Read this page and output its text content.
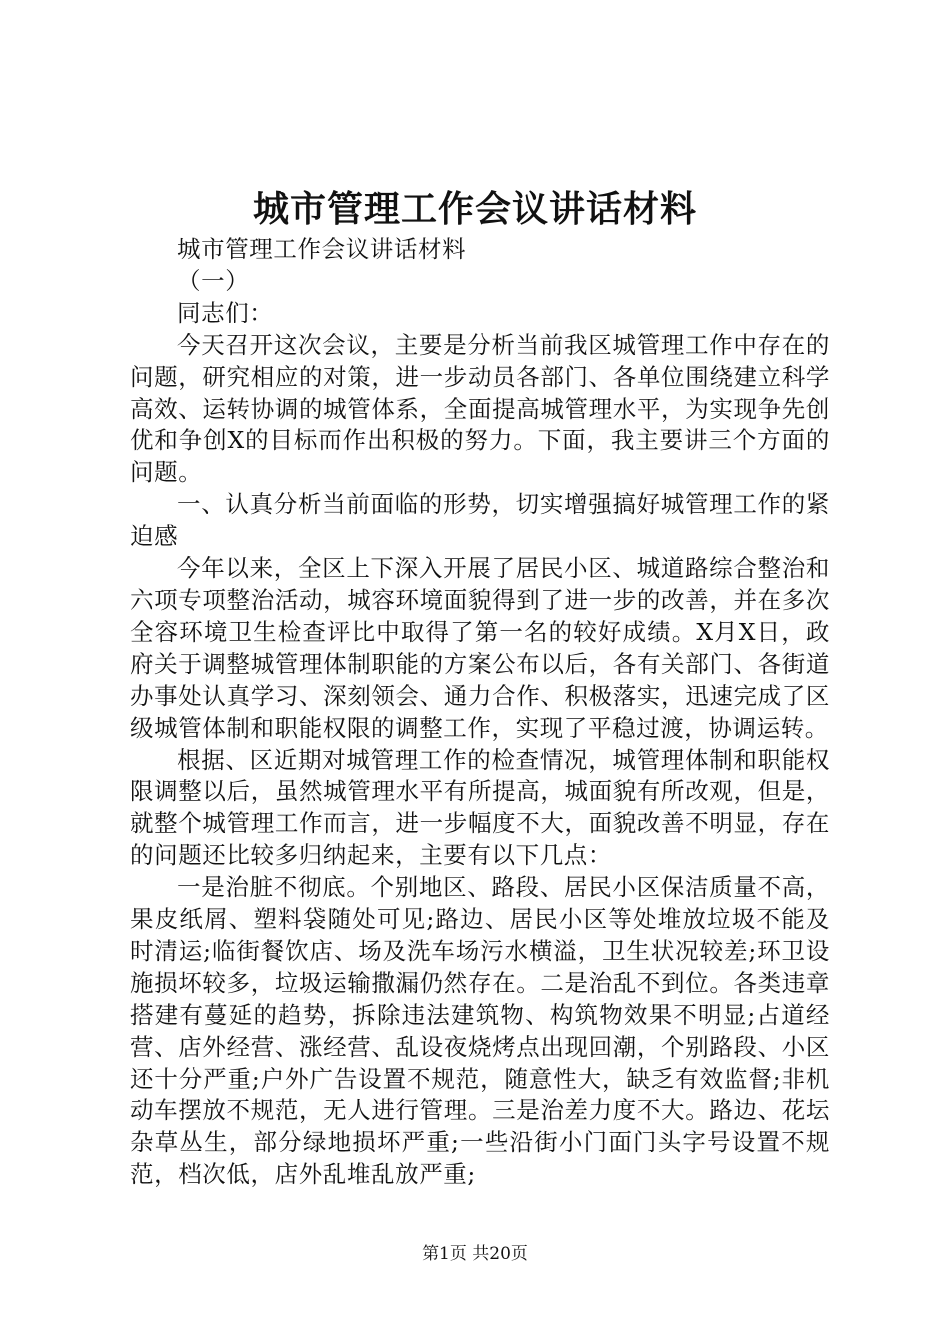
城市管理工作会议讲话材料

城市管理工作会议讲话材料

（一）

同志们：

今天召开这次会议，主要是分析当前我区城管理工作中存在的问题，研究相应的对策，进一步动员各部门、各单位围绕建立科学高效、运转协调的城管体系，全面提高城管理水平，为实现争先创优和争创X的目标而作出积极的努力。下面，我主要讲三个方面的问题。

一、认真分析当前面临的形势，切实增强搞好城管理工作的紧迫感

今年以来，全区上下深入开展了居民小区、城道路综合整治和六项专项整治活动，城容环境面貌得到了进一步的改善，并在多次全容环境卫生检查评比中取得了第一名的较好成绩。X月X日，政府关于调整城管理体制职能的方案公布以后，各有关部门、各街道办事处认真学习、深刻领会、通力合作、积极落实，迅速完成了区级城管体制和职能权限的调整工作，实现了平稳过渡，协调运转。

根据、区近期对城管理工作的检查情况，城管理体制和职能权限调整以后，虽然城管理水平有所提高，城面貌有所改观，但是，就整个城管理工作而言，进一步幅度不大，面貌改善不明显，存在的问题还比较多归纳起来，主要有以下几点：

一是治脏不彻底。个别地区、路段、居民小区保洁质量不高，果皮纸屑、塑料袋随处可见;路边、居民小区等处堆放垃圾不能及时清运;临街餐饮店、场及洗车场污水横溢，卫生状况较差;环卫设施损坏较多，垃圾运输撒漏仍然存在。二是治乱不到位。各类违章搭建有蔓延的趋势，拆除违法建筑物、构筑物效果不明显;占道经营、店外经营、涨经营、乱设夜烧烤点出现回潮，个别路段、小区还十分严重;户外广告设置不规范，随意性大，缺乏有效监督;非机动车摆放不规范，无人进行管理。三是治差力度不大。路边、花坛杂草丛生，部分绿地损坏严重;一些沿街小门面门头字号设置不规范，档次低，店外乱堆乱放严重;

第1页 共20页
